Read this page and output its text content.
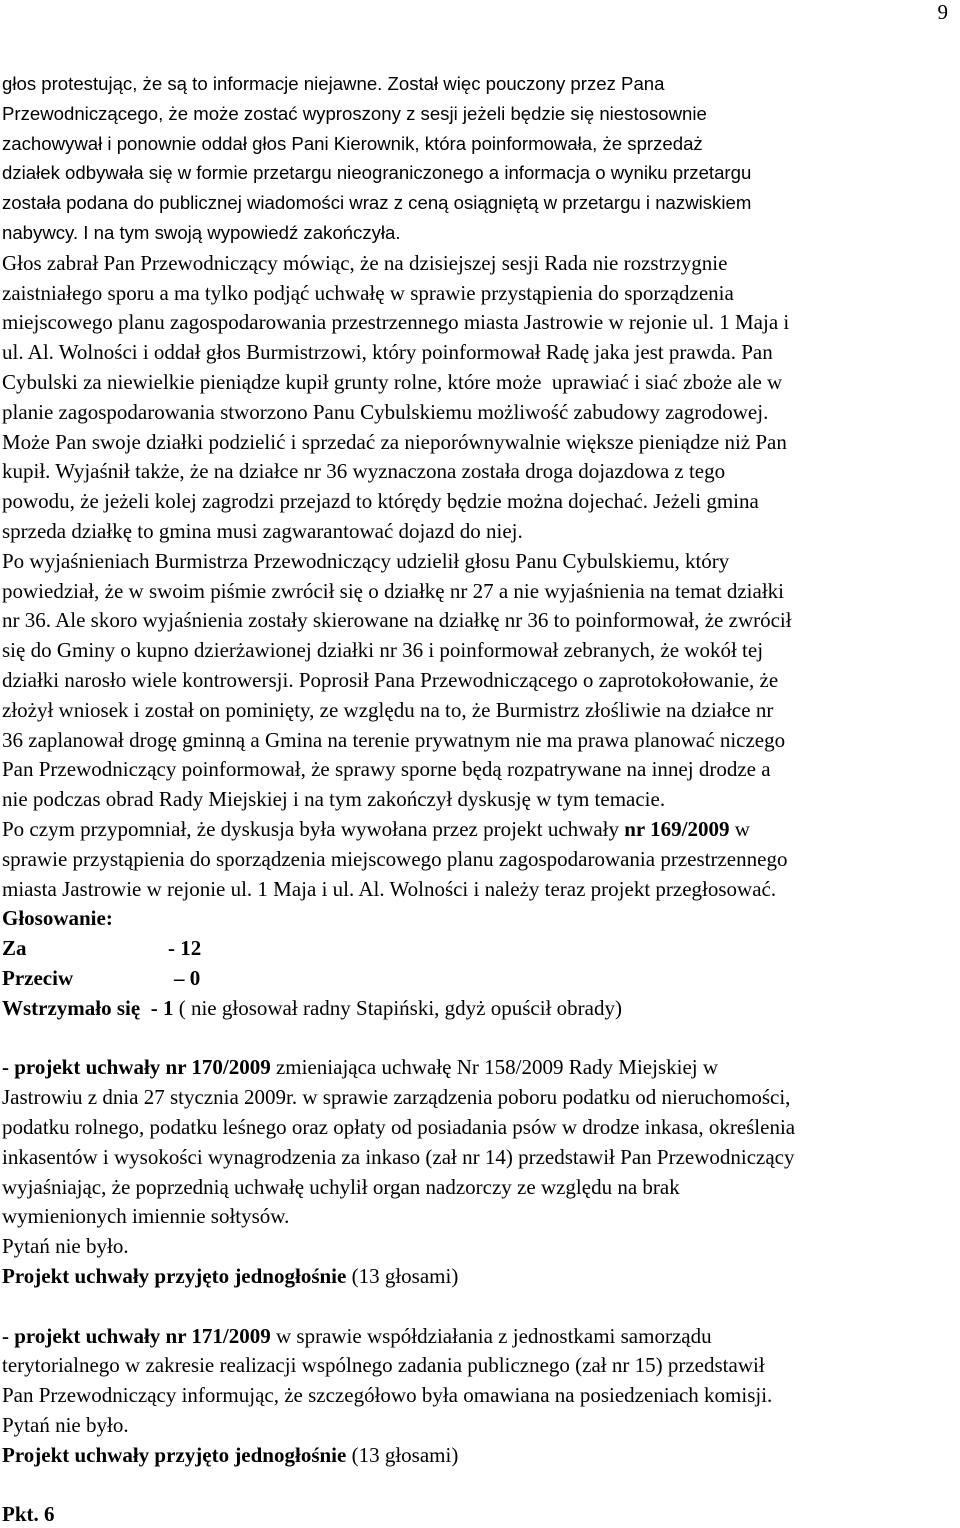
9
głos protestując, że są to informacje niejawne. Został więc pouczony przez Pana
Przewodniczącego, że może zostać wyproszony z sesji jeżeli będzie się niestosownie
zachowywał i ponownie oddał głos Pani Kierownik, która poinformowała, że sprzedaż
działek odbywała się w formie przetargu nieograniczonego a informacja o wyniku przetargu
została podana do publicznej wiadomości wraz z ceną osiągniętą w przetargu i nazwiskiem
nabywcy. I na tym swoją wypowiedź zakończyła.
Głos zabrał Pan Przewodniczący mówiąc, że na dzisiejszej sesji Rada nie rozstrzygnie
zaistniałego sporu a ma tylko podjąć uchwałę w sprawie przystąpienia do sporządzenia
miejscowego planu zagospodarowania przestrzennego miasta Jastrowie w rejonie ul. 1 Maja i
ul. Al. Wolności i oddał głos Burmistrzowi, który poinformował Radę jaka jest prawda. Pan
Cybulski za niewielkie pieniądze kupił grunty rolne, które może  uprawiać i siać zboże ale w
planie zagospodarowania stworzono Panu Cybulskiemu możliwość zabudowy zagrodowej.
Może Pan swoje działki podzielić i sprzedać za nieporównywalnie większe pieniądze niż Pan
kupił. Wyjaśnił także, że na działce nr 36 wyznaczona została droga dojazdowa z tego
powodu, że jeżeli kolej zagrodzi przejazd to którędy będzie można dojechać. Jeżeli gmina
sprzeda działkę to gmina musi zagwarantować dojazd do niej.
Po wyjaśnieniach Burmistrza Przewodniczący udzielił głosu Panu Cybulskiemu, który
powiedział, że w swoim piśmie zwrócił się o działkę nr 27 a nie wyjaśnienia na temat działki
nr 36. Ale skoro wyjaśnienia zostały skierowane na działkę nr 36 to poinformował, że zwrócił
się do Gminy o kupno dzierżawionej działki nr 36 i poinformował zebranych, że wokół tej
działki narosło wiele kontrowersji. Poprosił Pana Przewodniczącego o zaprotokołowanie, że
złożył wniosek i został on pominięty, ze względu na to, że Burmistrz złośliwie na działce nr
36 zaplanował drogę gminną a Gmina na terenie prywatnym nie ma prawa planować niczego
Pan Przewodniczący poinformował, że sprawy sporne będą rozpatrywane na innej drodze a
nie podczas obrad Rady Miejskiej i na tym zakończył dyskusję w tym temacie.
Po czym przypomniał, że dyskusja była wywołana przez projekt uchwały nr 169/2009 w
sprawie przystąpienia do sporządzenia miejscowego planu zagospodarowania przestrzennego
miasta Jastrowie w rejonie ul. 1 Maja i ul. Al. Wolności i należy teraz projekt przegłosować.
Głosowanie:
Za	- 12
Przeciw	– 0
Wstrzymało się  - 1 ( nie głosował radny Stapiński, gdyż opuścił obrady)
- projekt uchwały nr 170/2009 zmieniająca uchwałę Nr 158/2009 Rady Miejskiej w
Jastrowiu z dnia 27 stycznia 2009r. w sprawie zarządzenia poboru podatku od nieruchomości,
podatku rolnego, podatku leśnego oraz opłaty od posiadania psów w drodze inkasa, określenia
inkasentów i wysokości wynagrodzenia za inkaso (zał nr 14) przedstawił Pan Przewodniczący
wyjaśniając, że poprzednią uchwałę uchylił organ nadzorczy ze względu na brak
wymienionych imiennie sołtysów.
Pytań nie było.
Projekt uchwały przyjęto jednogłośnie (13 głosami)
- projekt uchwały nr 171/2009 w sprawie współdziałania z jednostkami samorządu
terytorialnego w zakresie realizacji wspólnego zadania publicznego (zał nr 15) przedstawił
Pan Przewodniczący informując, że szczegółowo była omawiana na posiedzeniach komisji.
Pytań nie było.
Projekt uchwały przyjęto jednogłośnie (13 głosami)
Pkt. 6
